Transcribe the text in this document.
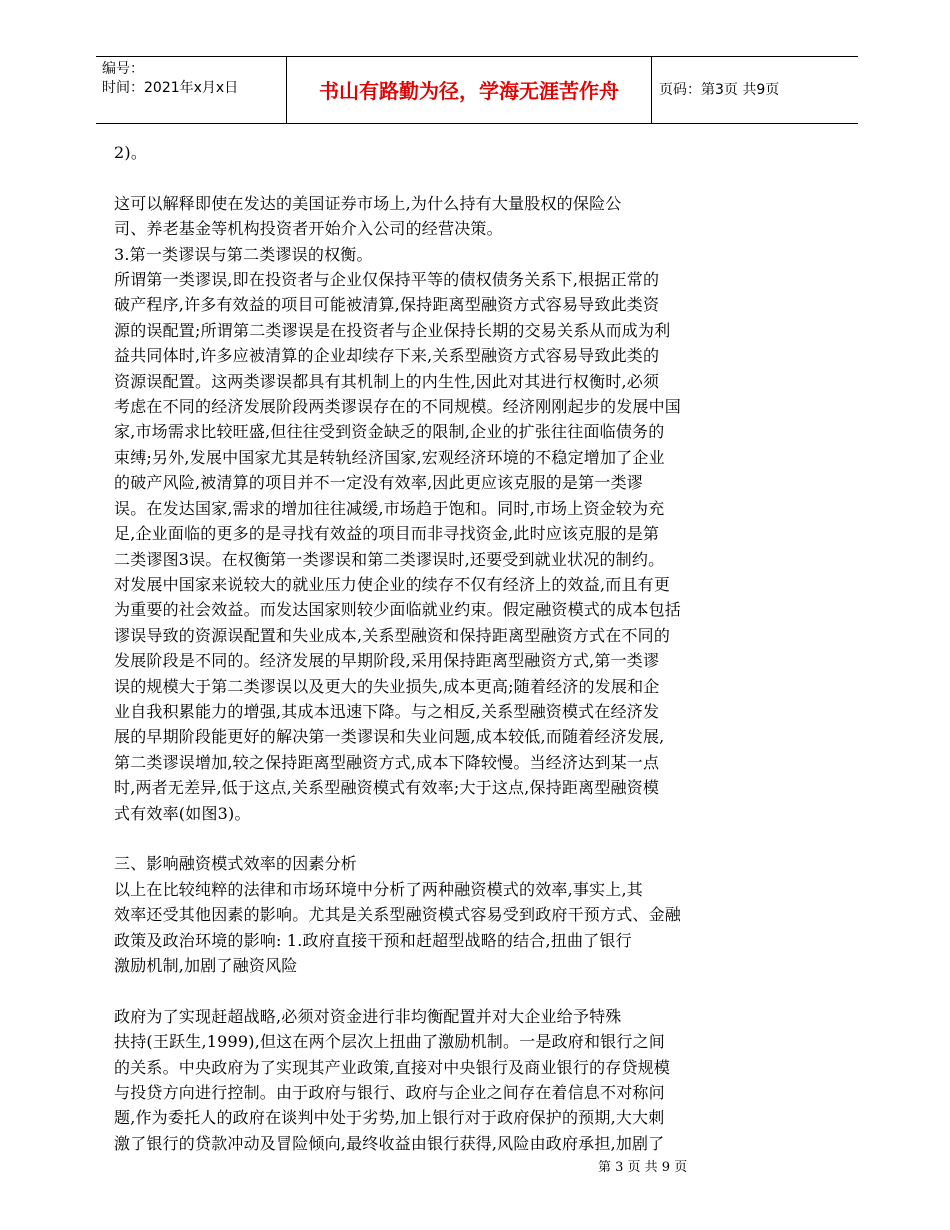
编号：
时间：2021年x月x日	书山有路勤为径，学海无涯苦作舟	页码：第3页 共9页
2)。

这可以解释即使在发达的美国证券市场上,为什么持有大量股权的保险公
司、养老基金等机构投资者开始介入公司的经营决策。
3.第一类谬误与第二类谬误的权衡。
所谓第一类谬误,即在投资者与企业仅保持平等的债权债务关系下,根据正常的
破产程序,许多有效益的项目可能被清算,保持距离型融资方式容易导致此类资
源的误配置;所谓第二类谬误是在投资者与企业保持长期的交易关系从而成为利
益共同体时,许多应被清算的企业却续存下来,关系型融资方式容易导致此类的
资源误配置。这两类谬误都具有其机制上的内生性,因此对其进行权衡时,必须
考虑在不同的经济发展阶段两类谬误存在的不同规模。经济刚刚起步的发展中国
家,市场需求比较旺盛,但往往受到资金缺乏的限制,企业的扩张往往面临债务的
束缚;另外,发展中国家尤其是转轨经济国家,宏观经济环境的不稳定增加了企业
的破产风险,被清算的项目并不一定没有效率,因此更应该克服的是第一类谬
误。在发达国家,需求的增加往往减缓,市场趋于饱和。同时,市场上资金较为充
足,企业面临的更多的是寻找有效益的项目而非寻找资金,此时应该克服的是第
二类谬图3误。在权衡第一类谬误和第二类谬误时,还要受到就业状况的制约。
对发展中国家来说较大的就业压力使企业的续存不仅有经济上的效益,而且有更
为重要的社会效益。而发达国家则较少面临就业约束。假定融资模式的成本包括
谬误导致的资源误配置和失业成本,关系型融资和保持距离型融资方式在不同的
发展阶段是不同的。经济发展的早期阶段,采用保持距离型融资方式,第一类谬
误的规模大于第二类谬误以及更大的失业损失,成本更高;随着经济的发展和企
业自我积累能力的增强,其成本迅速下降。与之相反,关系型融资模式在经济发
展的早期阶段能更好的解决第一类谬误和失业问题,成本较低,而随着经济发展,
第二类谬误增加,较之保持距离型融资方式,成本下降较慢。当经济达到某一点
时,两者无差异,低于这点,关系型融资模式有效率;大于这点,保持距离型融资模
式有效率(如图3)。

三、影响融资模式效率的因素分析
以上在比较纯粹的法律和市场环境中分析了两种融资模式的效率,事实上,其
效率还受其他因素的影响。尤其是关系型融资模式容易受到政府干预方式、金融
政策及政治环境的影响: 1.政府直接干预和赶超型战略的结合,扭曲了银行
激励机制,加剧了融资风险

政府为了实现赶超战略,必须对资金进行非均衡配置并对大企业给予特殊
扶持(王跃生,1999),但这在两个层次上扭曲了激励机制。一是政府和银行之间
的关系。中央政府为了实现其产业政策,直接对中央银行及商业银行的存贷规模
与投贷方向进行控制。由于政府与银行、政府与企业之间存在着信息不对称问
题,作为委托人的政府在谈判中处于劣势,加上银行对于政府保护的预期,大大刺
激了银行的贷款冲动及冒险倾向,最终收益由银行获得,风险由政府承担,加剧了
第 3 页 共 9 页
